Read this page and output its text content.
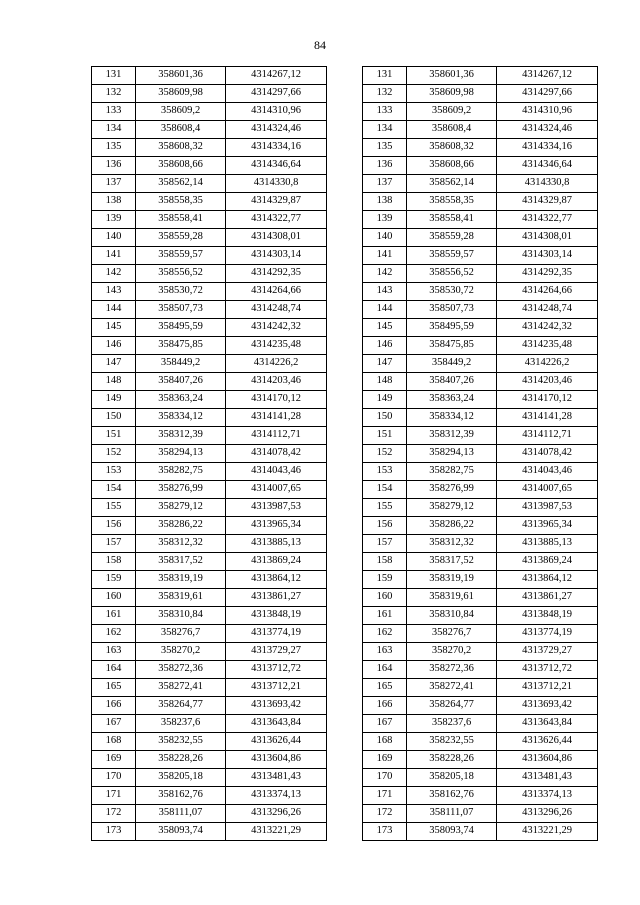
84
131	358601,36	4314267,12
132	358609,98	4314297,66
133	358609,2	4314310,96
134	358608,4	4314324,46
135	358608,32	4314334,16
136	358608,66	4314346,64
137	358562,14	4314330,8
138	358558,35	4314329,87
139	358558,41	4314322,77
140	358559,28	4314308,01
141	358559,57	4314303,14
142	358556,52	4314292,35
143	358530,72	4314264,66
144	358507,73	4314248,74
145	358495,59	4314242,32
146	358475,85	4314235,48
147	358449,2	4314226,2
148	358407,26	4314203,46
149	358363,24	4314170,12
150	358334,12	4314141,28
151	358312,39	4314112,71
152	358294,13	4314078,42
153	358282,75	4314043,46
154	358276,99	4314007,65
155	358279,12	4313987,53
156	358286,22	4313965,34
157	358312,32	4313885,13
158	358317,52	4313869,24
159	358319,19	4313864,12
160	358319,61	4313861,27
161	358310,84	4313848,19
162	358276,7	4313774,19
163	358270,2	4313729,27
164	358272,36	4313712,72
165	358272,41	4313712,21
166	358264,77	4313693,42
167	358237,6	4313643,84
168	358232,55	4313626,44
169	358228,26	4313604,86
170	358205,18	4313481,43
171	358162,76	4313374,13
172	358111,07	4313296,26
173	358093,74	4313221,29
131	358601,36	4314267,12
132	358609,98	4314297,66
133	358609,2	4314310,96
134	358608,4	4314324,46
135	358608,32	4314334,16
136	358608,66	4314346,64
137	358562,14	4314330,8
138	358558,35	4314329,87
139	358558,41	4314322,77
140	358559,28	4314308,01
141	358559,57	4314303,14
142	358556,52	4314292,35
143	358530,72	4314264,66
144	358507,73	4314248,74
145	358495,59	4314242,32
146	358475,85	4314235,48
147	358449,2	4314226,2
148	358407,26	4314203,46
149	358363,24	4314170,12
150	358334,12	4314141,28
151	358312,39	4314112,71
152	358294,13	4314078,42
153	358282,75	4314043,46
154	358276,99	4314007,65
155	358279,12	4313987,53
156	358286,22	4313965,34
157	358312,32	4313885,13
158	358317,52	4313869,24
159	358319,19	4313864,12
160	358319,61	4313861,27
161	358310,84	4313848,19
162	358276,7	4313774,19
163	358270,2	4313729,27
164	358272,36	4313712,72
165	358272,41	4313712,21
166	358264,77	4313693,42
167	358237,6	4313643,84
168	358232,55	4313626,44
169	358228,26	4313604,86
170	358205,18	4313481,43
171	358162,76	4313374,13
172	358111,07	4313296,26
173	358093,74	4313221,29
